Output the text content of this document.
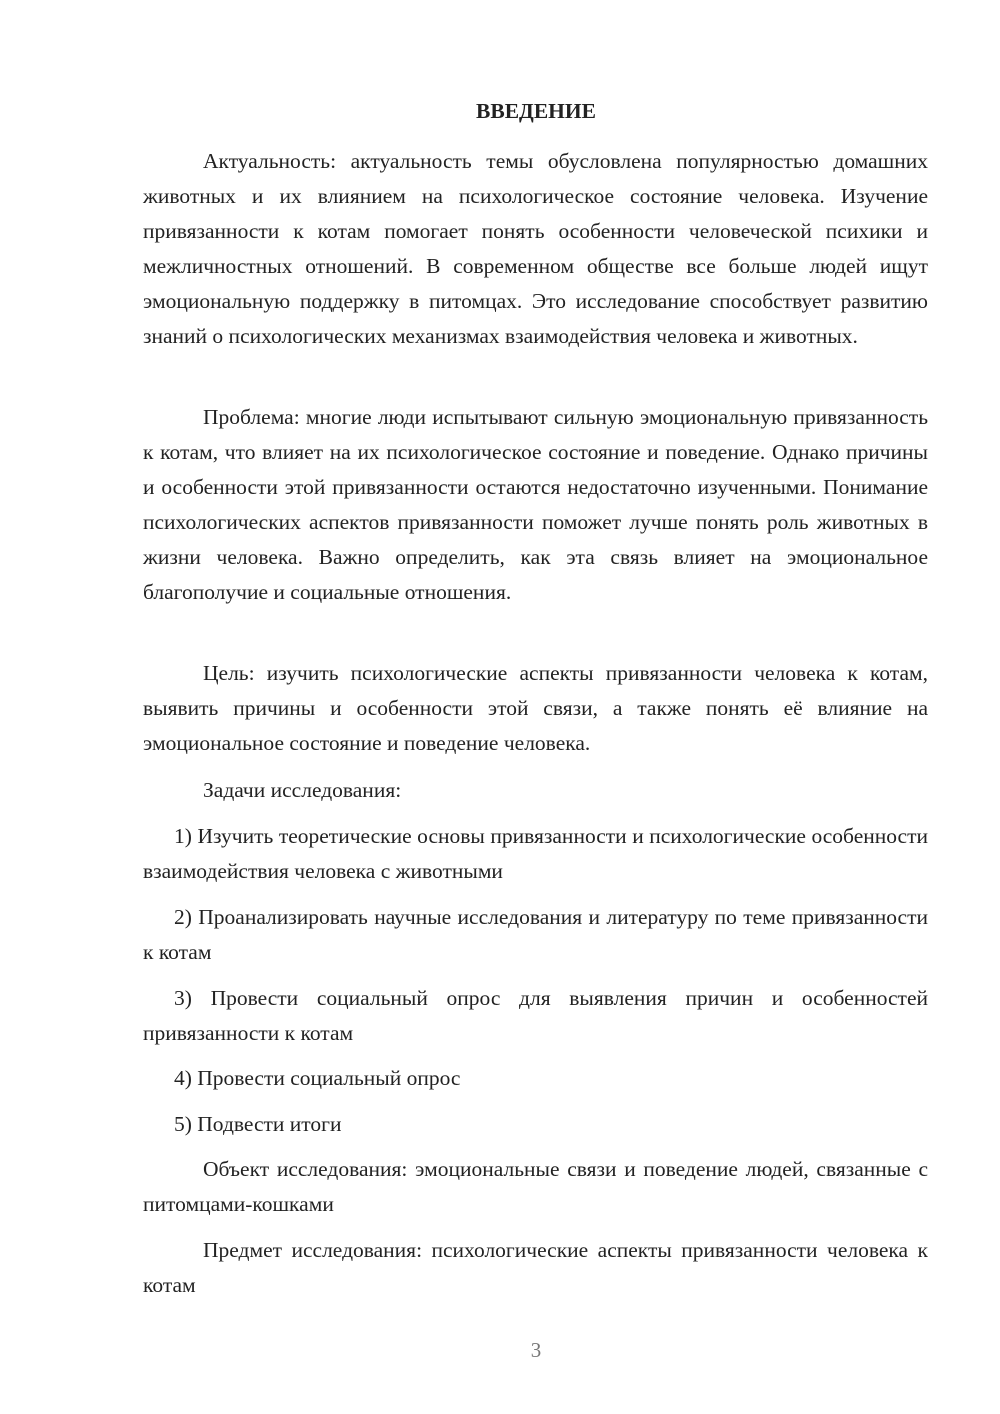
ВВЕДЕНИЕ

Актуальность: актуальность темы обусловлена популярностью домашних животных и их влиянием на психологическое состояние человека. Изучение привязанности к котам помогает понять особенности человеческой психики и межличностных отношений. В современном обществе все больше людей ищут эмоциональную поддержку в питомцах. Это исследование способствует развитию знаний о психологических механизмах взаимодействия человека и животных.

Проблема: многие люди испытывают сильную эмоциональную привязанность к котам, что влияет на их психологическое состояние и поведение. Однако причины и особенности этой привязанности остаются недостаточно изученными. Понимание психологических аспектов привязанности поможет лучше понять роль животных в жизни человека. Важно определить, как эта связь влияет на эмоциональное благополучие и социальные отношения.

Цель: изучить психологические аспекты привязанности человека к котам, выявить причины и особенности этой связи, а также понять её влияние на эмоциональное состояние и поведение человека.

Задачи исследования:

1) Изучить теоретические основы привязанности и психологические особенности взаимодействия человека с животными

2) Проанализировать научные исследования и литературу по теме привязанности к котам

3) Провести социальный опрос для выявления причин и особенностей привязанности к котам

4) Провести социальный опрос

5) Подвести итоги

Объект исследования: эмоциональные связи и поведение людей, связанные с питомцами-кошками

Предмет исследования: психологические аспекты привязанности человека к котам

3
